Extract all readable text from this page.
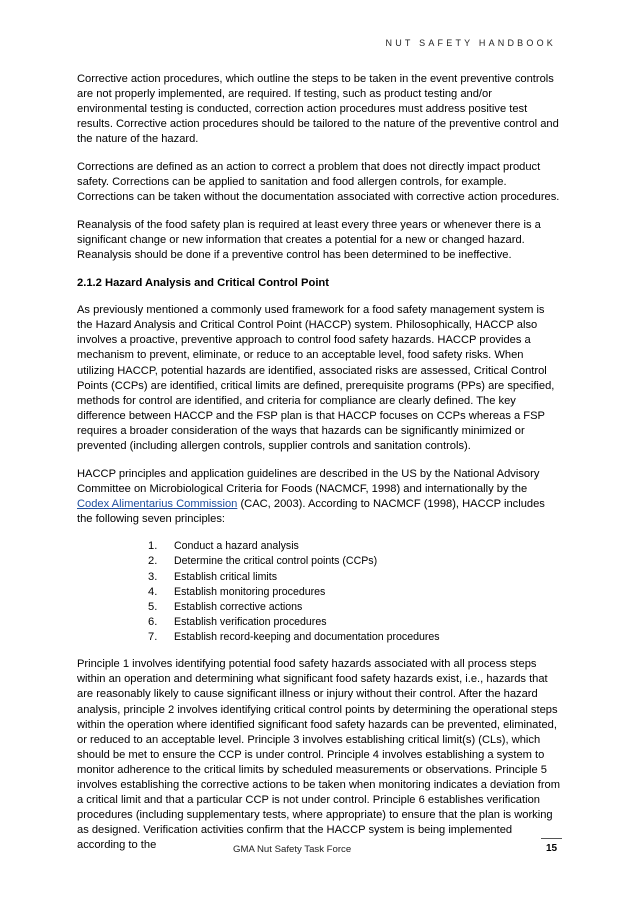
NUT SAFETY HANDBOOK

Corrective action procedures, which outline the steps to be taken in the event preventive controls are not properly implemented, are required. If testing, such as product testing and/or environmental testing is conducted, correction action procedures must address positive test results. Corrective action procedures should be tailored to the nature of the preventive control and the nature of the hazard.

Corrections are defined as an action to correct a problem that does not directly impact product safety. Corrections can be applied to sanitation and food allergen controls, for example. Corrections can be taken without the documentation associated with corrective action procedures.

Reanalysis of the food safety plan is required at least every three years or whenever there is a significant change or new information that creates a potential for a new or changed hazard. Reanalysis should be done if a preventive control has been determined to be ineffective.

2.1.2 Hazard Analysis and Critical Control Point

As previously mentioned a commonly used framework for a food safety management system is the Hazard Analysis and Critical Control Point (HACCP) system. Philosophically, HACCP also involves a proactive, preventive approach to control food safety hazards. HACCP provides a mechanism to prevent, eliminate, or reduce to an acceptable level, food safety risks. When utilizing HACCP, potential hazards are identified, associated risks are assessed, Critical Control Points (CCPs) are identified, critical limits are defined, prerequisite programs (PPs) are specified, methods for control are identified, and criteria for compliance are clearly defined. The key difference between HACCP and the FSP plan is that HACCP focuses on CCPs whereas a FSP requires a broader consideration of the ways that hazards can be significantly minimized or prevented (including allergen controls, supplier controls and sanitation controls).

HACCP principles and application guidelines are described in the US by the National Advisory Committee on Microbiological Criteria for Foods (NACMCF, 1998) and internationally by the Codex Alimentarius Commission (CAC, 2003). According to NACMCF (1998), HACCP includes the following seven principles:

1.	Conduct a hazard analysis
2.	Determine the critical control points (CCPs)
3.	Establish critical limits
4.	Establish monitoring procedures
5.	Establish corrective actions
6.	Establish verification procedures
7.	Establish record-keeping and documentation procedures

Principle 1 involves identifying potential food safety hazards associated with all process steps within an operation and determining what significant food safety hazards exist, i.e., hazards that are reasonably likely to cause significant illness or injury without their control. After the hazard analysis, principle 2 involves identifying critical control points by determining the operational steps within the operation where identified significant food safety hazards can be prevented, eliminated, or reduced to an acceptable level. Principle 3 involves establishing critical limit(s) (CLs), which should be met to ensure the CCP is under control. Principle 4 involves establishing a system to monitor adherence to the critical limits by scheduled measurements or observations. Principle 5 involves establishing the corrective actions to be taken when monitoring indicates a deviation from a critical limit and that a particular CCP is not under control. Principle 6 establishes verification procedures (including supplementary tests, where appropriate) to ensure that the plan is working as designed. Verification activities confirm that the HACCP system is being implemented according to the	GMA Nut Safety Task Force	15
